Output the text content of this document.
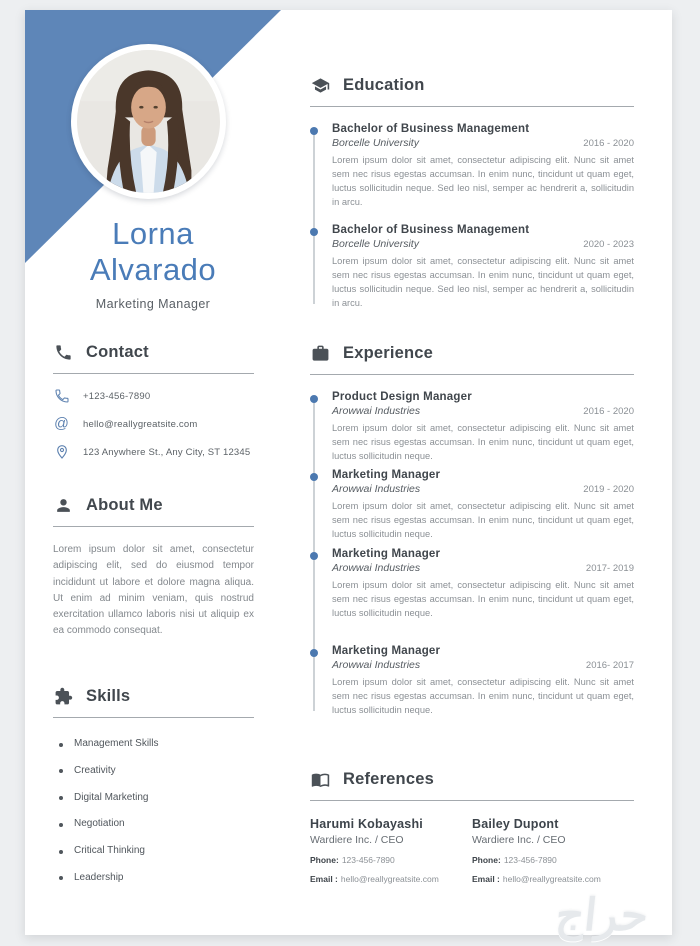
Lorna
Alvarado
Marketing Manager
Contact
+123-456-7890
@ hello@reallygreatsite.com
123 Anywhere St., Any City, ST 12345
About Me

Lorem ipsum dolor sit amet, consectetur adipiscing elit, sed do eiusmod tempor incididunt ut labore et dolore magna aliqua. Ut enim ad minim veniam, quis nostrud exercitation ullamco laboris nisi ut aliquip ex ea commodo consequat.

Skills
Management Skills
Creativity
Digital Marketing
Negotiation
Critical Thinking
Leadership
Education
Bachelor of Business Management
Borcelle University	2016 - 2020
Lorem ipsum dolor sit amet, consectetur adipiscing elit. Nunc sit amet sem nec risus egestas accumsan. In enim nunc, tincidunt ut quam eget, luctus sollicitudin neque. Sed leo nisl, semper ac hendrerit a, sollicitudin in arcu.
Bachelor of Business Management
Borcelle University	2020 - 2023
Lorem ipsum dolor sit amet, consectetur adipiscing elit. Nunc sit amet sem nec risus egestas accumsan. In enim nunc, tincidunt ut quam eget, luctus sollicitudin neque. Sed leo nisl, semper ac hendrerit a, sollicitudin in arcu.
Experience
Product Design Manager
Arowwai Industries	2016 - 2020
Lorem ipsum dolor sit amet, consectetur adipiscing elit. Nunc sit amet sem nec risus egestas accumsan. In enim nunc, tincidunt ut quam eget, luctus sollicitudin neque.
Marketing Manager
Arowwai Industries	2019 - 2020
Lorem ipsum dolor sit amet, consectetur adipiscing elit. Nunc sit amet sem nec risus egestas accumsan. In enim nunc, tincidunt ut quam eget, luctus sollicitudin neque.
Marketing Manager
Arowwai Industries	2017- 2019
Lorem ipsum dolor sit amet, consectetur adipiscing elit. Nunc sit amet sem nec risus egestas accumsan. In enim nunc, tincidunt ut quam eget, luctus sollicitudin neque.
Marketing Manager
Arowwai Industries	2016- 2017
Lorem ipsum dolor sit amet, consectetur adipiscing elit. Nunc sit amet sem nec risus egestas accumsan. In enim nunc, tincidunt ut quam eget, luctus sollicitudin neque.
References
Harumi Kobayashi
Wardiere Inc. / CEO
Phone: 123-456-7890
Email : hello@reallygreatsite.com
Bailey Dupont
Wardiere Inc. / CEO
Phone: 123-456-7890
Email : hello@reallygreatsite.com
حراج
